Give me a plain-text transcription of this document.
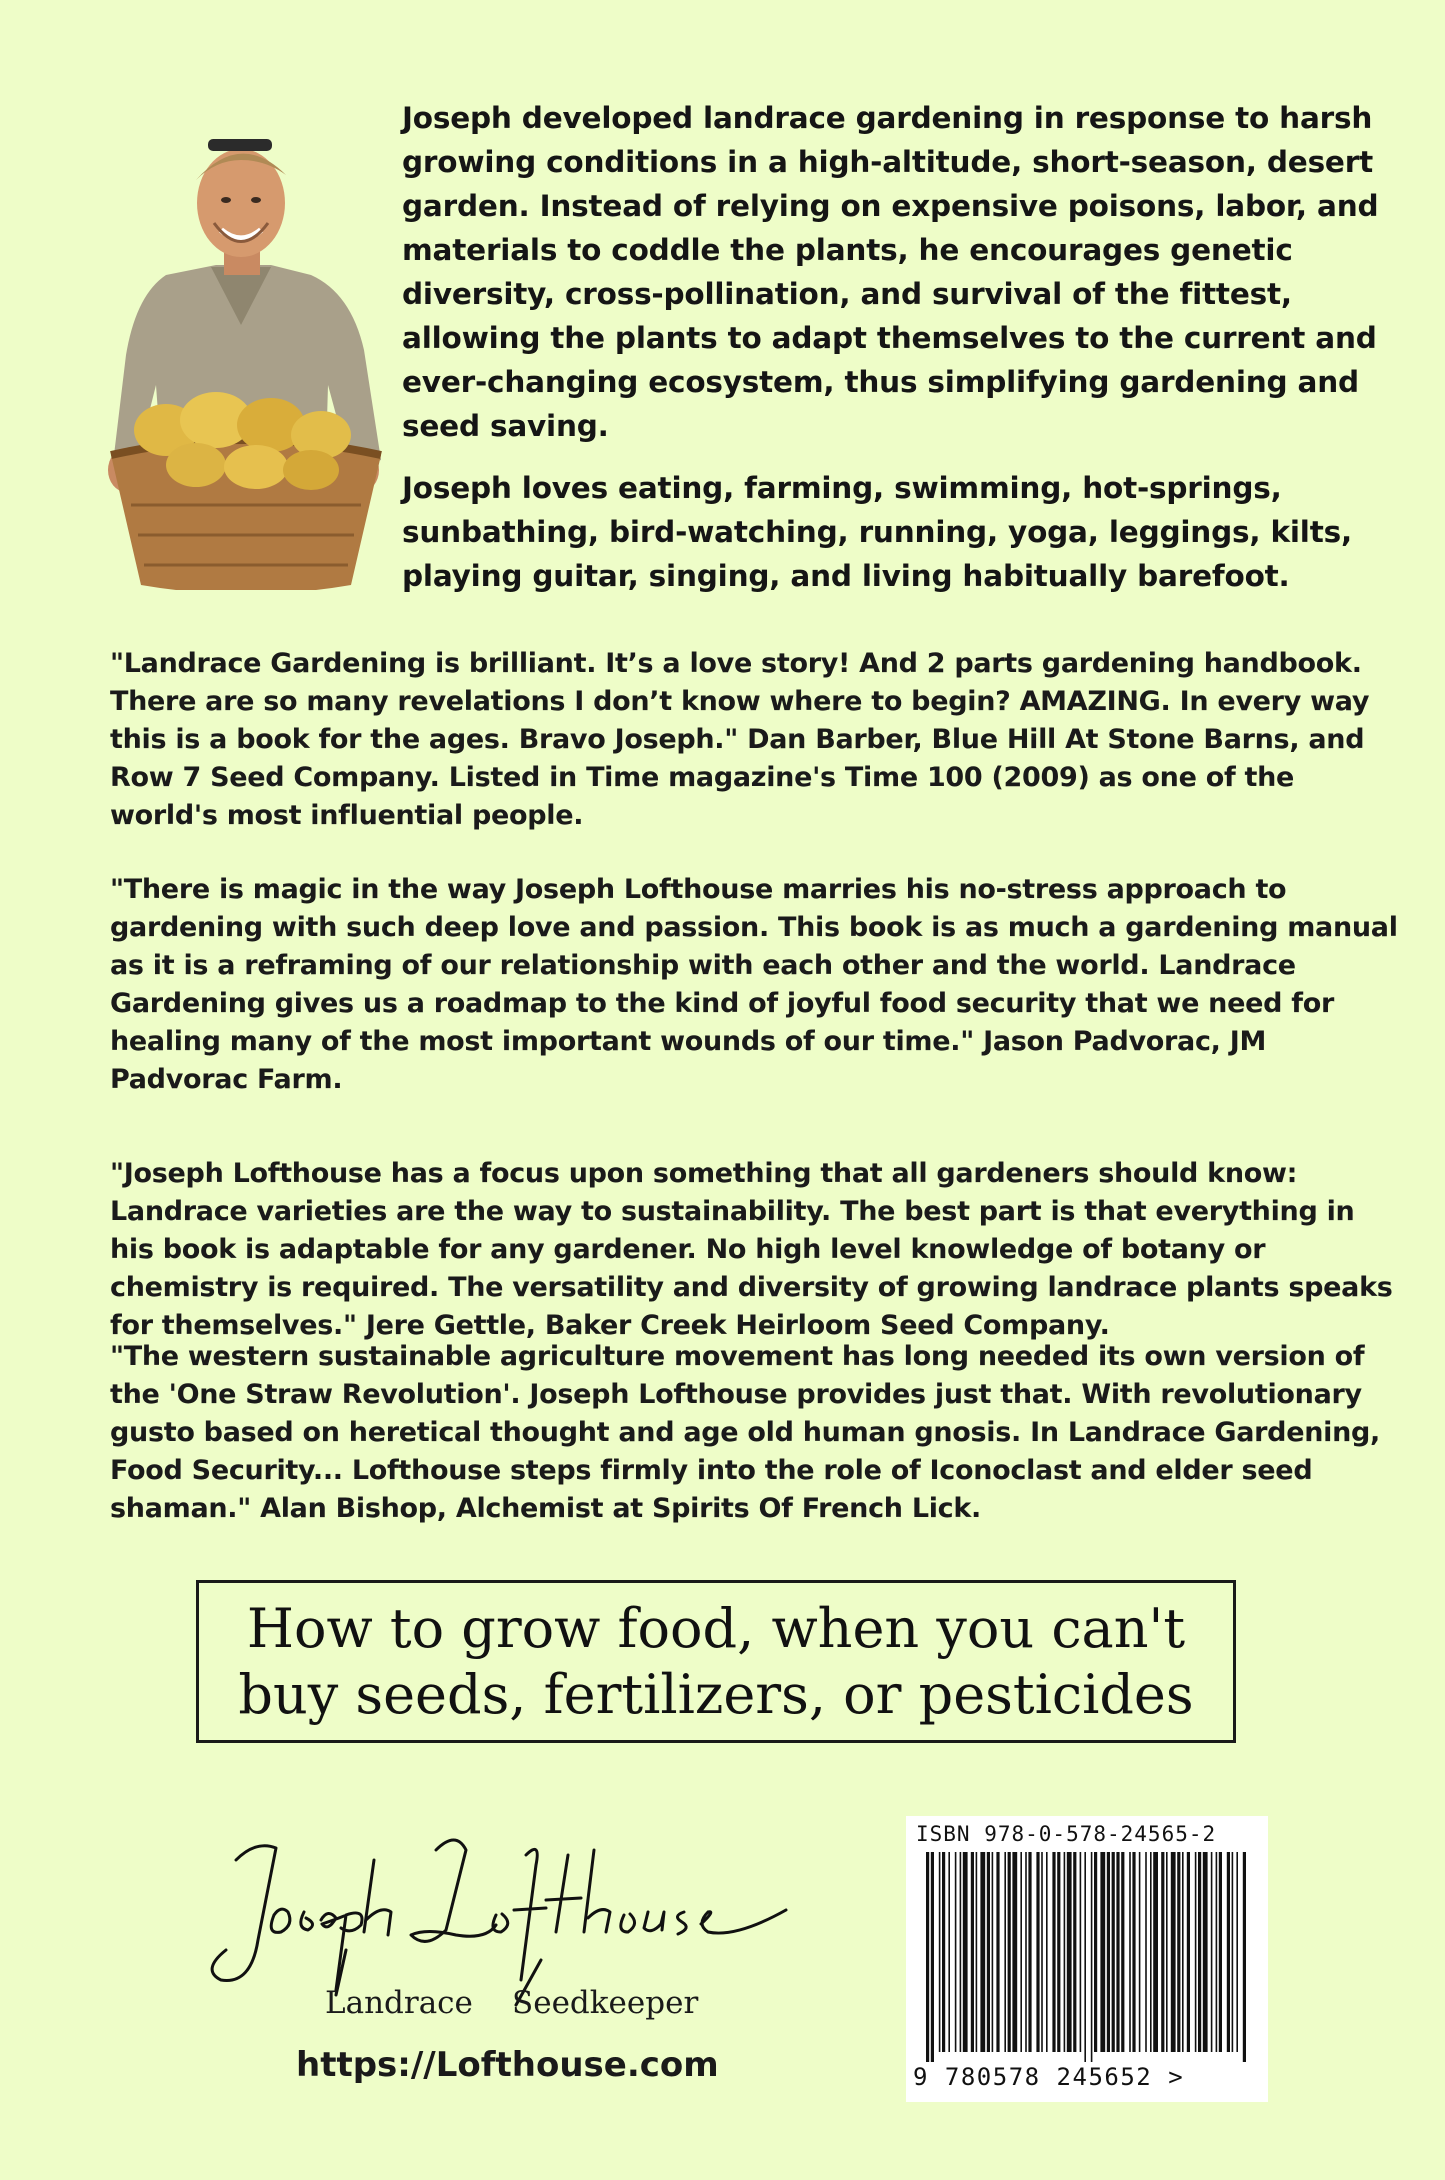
Joseph developed landrace gardening in response to harsh growing conditions in a high-altitude, short-season, desert garden. Instead of relying on expensive poisons, labor, and materials to coddle the plants, he encourages genetic diversity, cross-pollination, and survival of the fittest, allowing the plants to adapt themselves to the current and ever-changing ecosystem, thus simplifying gardening and seed saving.

Joseph loves eating, farming, swimming, hot-springs, sunbathing, bird-watching, running, yoga, leggings, kilts, playing guitar, singing, and living habitually barefoot.

"Landrace Gardening is brilliant. It’s a love story! And 2 parts gardening handbook. There are so many revelations I don’t know where to begin? AMAZING. In every way this is a book for the ages. Bravo Joseph." Dan Barber, Blue Hill At Stone Barns, and Row 7 Seed Company. Listed in Time magazine's Time 100 (2009) as one of the world's most influential people.

"There is magic in the way Joseph Lofthouse marries his no-stress approach to gardening with such deep love and passion. This book is as much a gardening manual as it is a reframing of our relationship with each other and the world. Landrace Gardening gives us a roadmap to the kind of joyful food security that we need for healing many of the most important wounds of our time." Jason Padvorac, JM Padvorac Farm.

"Joseph Lofthouse has a focus upon something that all gardeners should know: Landrace varieties are the way to sustainability. The best part is that everything in his book is adaptable for any gardener. No high level knowledge of botany or chemistry is required. The versatility and diversity of growing landrace plants speaks for themselves." Jere Gettle, Baker Creek Heirloom Seed Company.

"The western sustainable agriculture movement has long needed its own version of the 'One Straw Revolution'. Joseph Lofthouse provides just that. With revolutionary gusto based on heretical thought and age old human gnosis. In Landrace Gardening, Food Security... Lofthouse steps firmly into the role of Iconoclast and elder seed shaman." Alan Bishop, Alchemist at Spirits Of French Lick.

How to grow food, when you can't
buy seeds, fertilizers, or pesticides

Landrace Seedkeeper
https://Lofthouse.com
ISBN 978-0-578-24565-2
9 780578 245652 >
